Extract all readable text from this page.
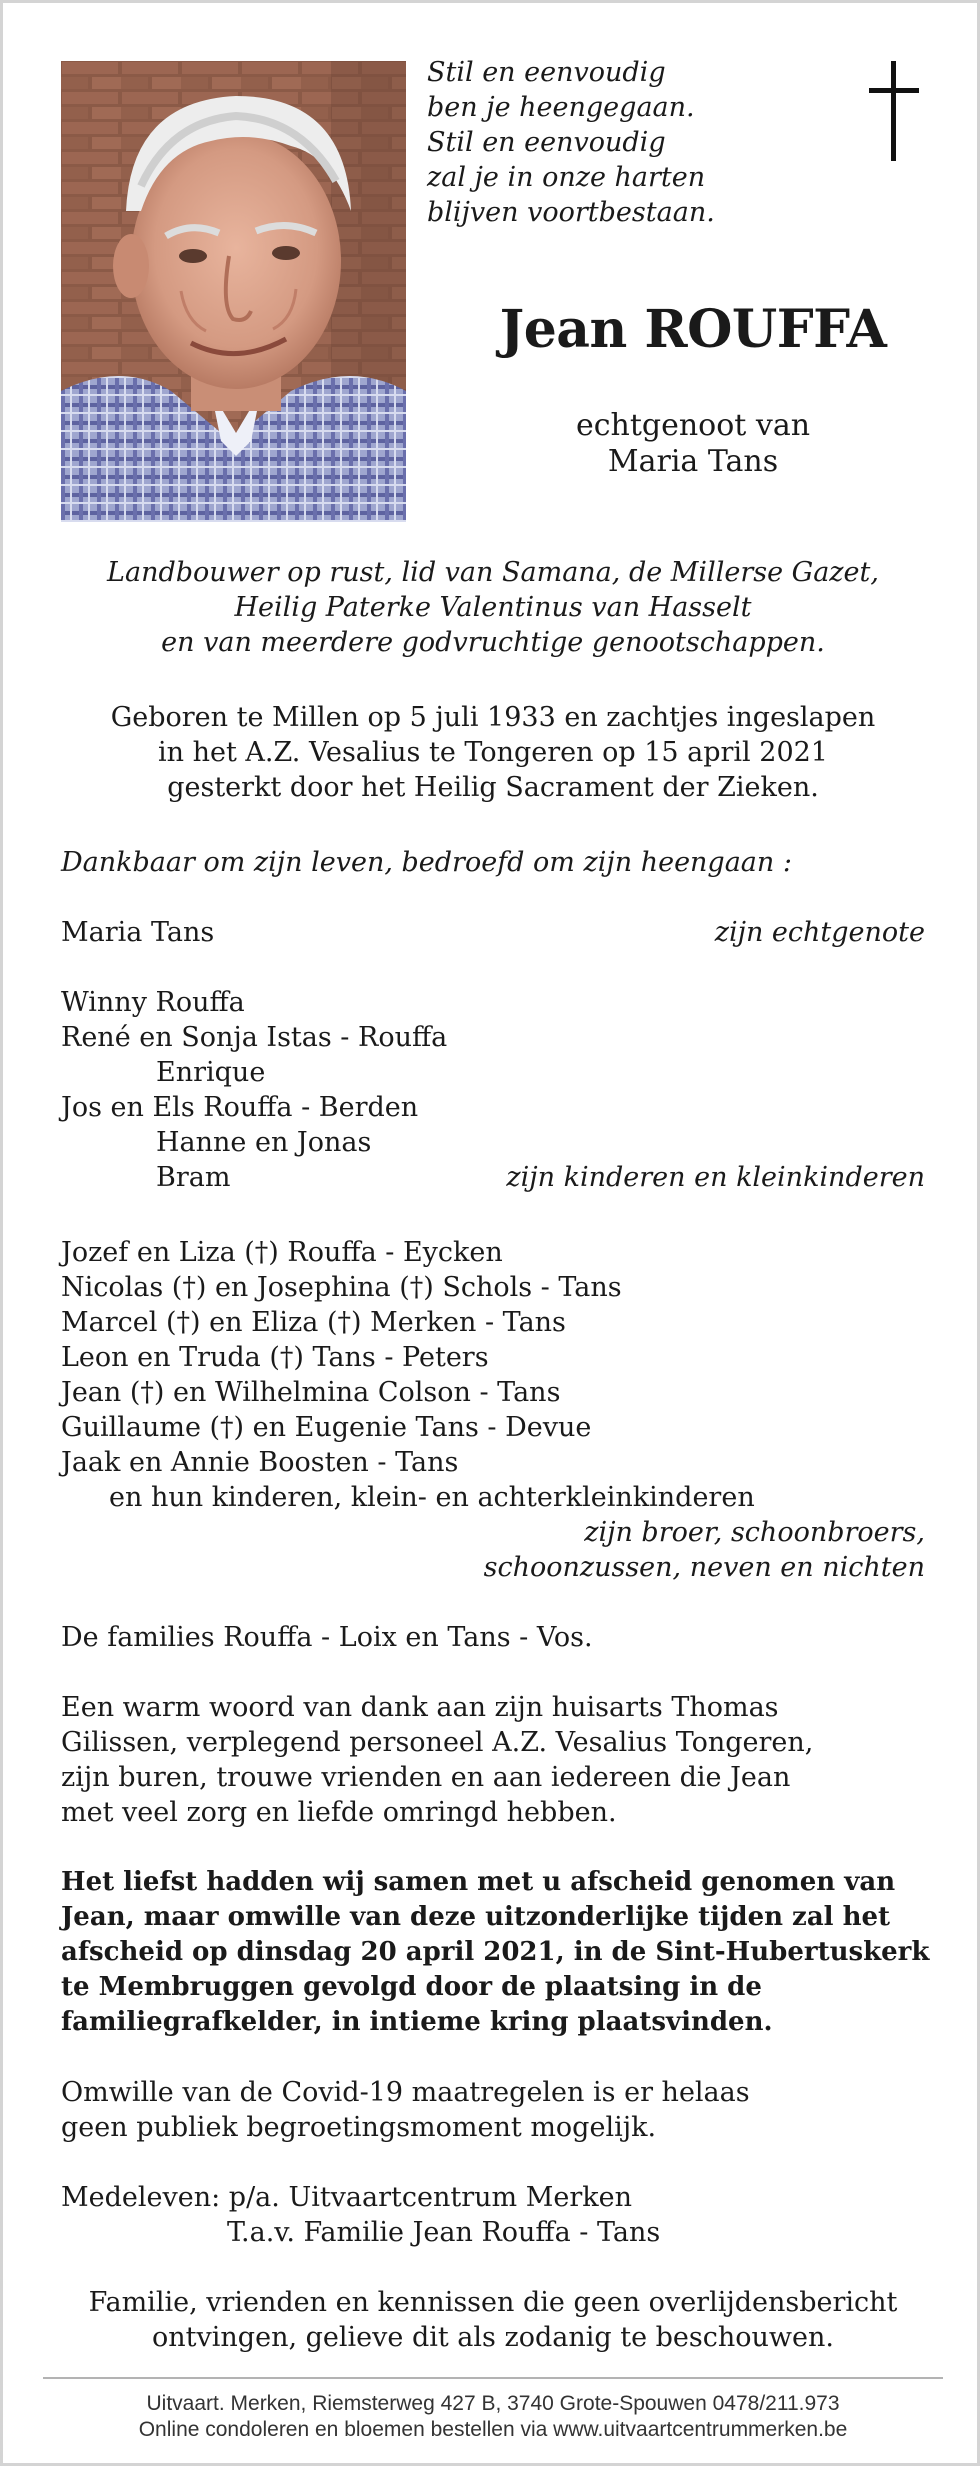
Stil en eenvoudig
ben je heengegaan.
Stil en eenvoudig
zal je in onze harten
blijven voortbestaan.
Jean ROUFFA
echtgenoot van
Maria Tans
Landbouwer op rust, lid van Samana, de Millerse Gazet,
Heilig Paterke Valentinus van Hasselt
en van meerdere godvruchtige genootschappen.
Geboren te Millen op 5 juli 1933 en zachtjes ingeslapen
in het A.Z. Vesalius te Tongeren op 15 april 2021
gesterkt door het Heilig Sacrament der Zieken.
Dankbaar om zijn leven, bedroefd om zijn heengaan :
Maria Tans	zijn echtgenote
Winny Rouffa
René en Sonja Istas - Rouffa
Enrique
Jos en Els Rouffa - Berden
Hanne en Jonas
Bram	zijn kinderen en kleinkinderen
Jozef en Liza (†) Rouffa - Eycken
Nicolas (†) en Josephina (†) Schols - Tans
Marcel (†) en Eliza (†) Merken - Tans
Leon en Truda (†) Tans - Peters
Jean (†) en Wilhelmina Colson - Tans
Guillaume (†) en Eugenie Tans - Devue
Jaak en Annie Boosten - Tans
en hun kinderen, klein- en achterkleinkinderen
zijn broer, schoonbroers,
schoonzussen, neven en nichten
De families Rouffa - Loix en Tans - Vos.
Een warm woord van dank aan zijn huisarts Thomas
Gilissen, verplegend personeel A.Z. Vesalius Tongeren,
zijn buren, trouwe vrienden en aan iedereen die Jean
met veel zorg en liefde omringd hebben.
Het liefst hadden wij samen met u afscheid genomen van
Jean, maar omwille van deze uitzonderlijke tijden zal het
afscheid op dinsdag 20 april 2021, in de Sint-Hubertuskerk
te Membruggen gevolgd door de plaatsing in de
familiegrafkelder, in intieme kring plaatsvinden.
Omwille van de Covid-19 maatregelen is er helaas
geen publiek begroetingsmoment mogelijk.
Medeleven: p/a. Uitvaartcentrum Merken
T.a.v. Familie Jean Rouffa - Tans
Familie, vrienden en kennissen die geen overlijdensbericht
ontvingen, gelieve dit als zodanig te beschouwen.
Uitvaart. Merken, Riemsterweg 427 B, 3740 Grote-Spouwen 0478/211.973
Online condoleren en bloemen bestellen via www.uitvaartcentrummerken.be
